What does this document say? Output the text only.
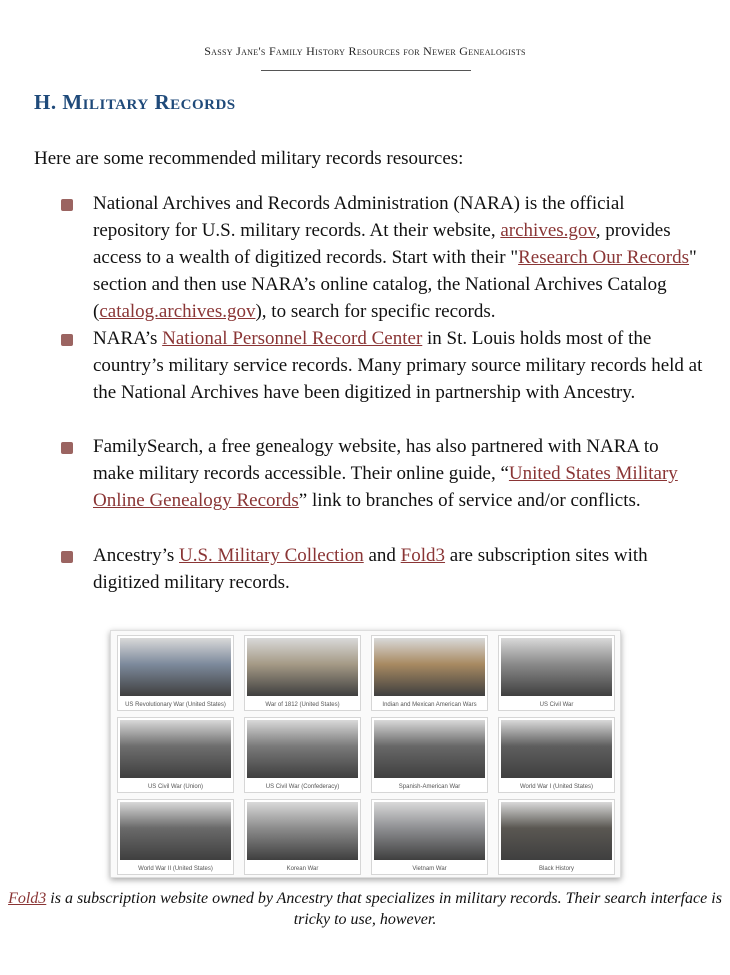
Sassy Jane's Family History Resources for Newer Genealogists
H. Military Records

Here are some recommended military records resources:

National Archives and Records Administration (NARA) is the official repository for U.S. military records. At their website, archives.gov, provides access to a wealth of digitized records. Start with their "Research Our Records" section and then use NARA’s online catalog, the National Archives Catalog (catalog.archives.gov), to search for specific records.
NARA’s National Personnel Record Center in St. Louis holds most of the country’s military service records. Many primary source military records held at the National Archives have been digitized in partnership with Ancestry.
FamilySearch, a free genealogy website, has also partnered with NARA to make military records accessible. Their online guide, “United States Military Online Genealogy Records” link to branches of service and/or conflicts.
Ancestry’s U.S. Military Collection and Fold3 are subscription sites with digitized military records.
US Revolutionary War (United States)	War of 1812 (United States)	Indian and Mexican American Wars	US Civil War
US Civil War (Union)	US Civil War (Confederacy)	Spanish-American War	World War I (United States)
World War II (United States)	Korean War	Vietnam War	Black History

Fold3 is a subscription website owned by Ancestry that specializes in military records. Their search interface is tricky to use, however.
